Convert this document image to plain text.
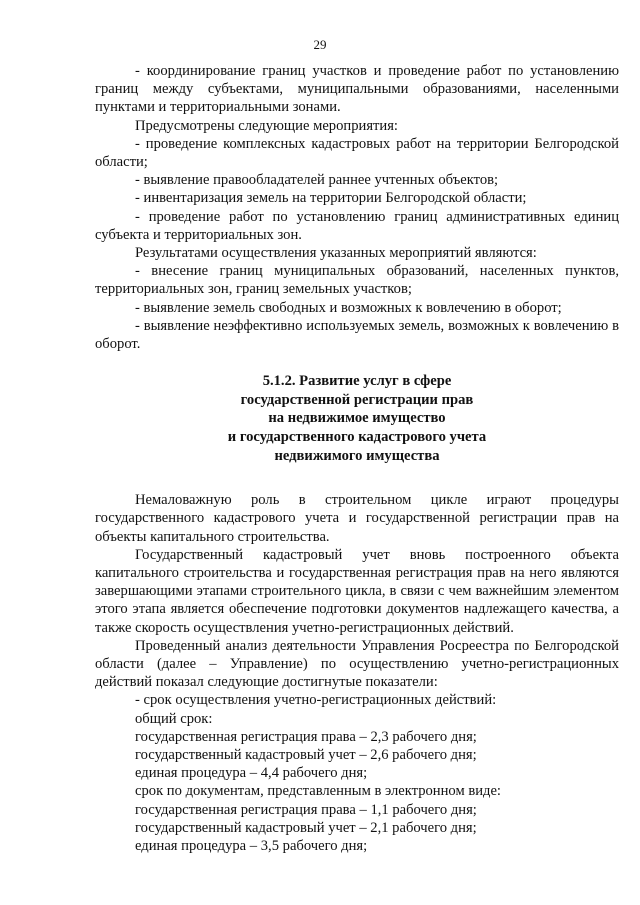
29

- координирование границ участков и проведение работ по установлению границ между субъектами, муниципальными образованиями, населенными пунктами и территориальными зонами.

Предусмотрены следующие мероприятия:

- проведение комплексных кадастровых работ на территории Белгородской области;

- выявление правообладателей раннее учтенных объектов;

- инвентаризация земель на территории Белгородской области;

- проведение работ по установлению границ административных единиц субъекта и территориальных зон.

Результатами осуществления указанных мероприятий являются:

- внесение границ муниципальных образований, населенных пунктов, территориальных зон, границ земельных участков;

- выявление земель свободных и возможных к вовлечению в оборот;

- выявление неэффективно используемых земель, возможных к вовлечению в оборот.

5.1.2. Развитие услуг в сфере
государственной регистрации прав
на недвижимое имущество
и государственного кадастрового учета
недвижимого имущества

Немаловажную роль в строительном цикле играют процедуры государственного кадастрового учета и государственной регистрации прав на объекты капитального строительства.

Государственный кадастровый учет вновь построенного объекта капитального строительства и государственная регистрация прав на него являются завершающими этапами строительного цикла, в связи с чем важнейшим элементом этого этапа является обеспечение подготовки документов надлежащего качества, а также скорость осуществления учетно-регистрационных действий.

Проведенный анализ деятельности Управления Росреестра по Белгородской области (далее – Управление) по осуществлению учетно-регистрационных действий показал следующие достигнутые показатели:

- срок осуществления учетно-регистрационных действий:

общий срок:

государственная регистрация права – 2,3 рабочего дня;

государственный кадастровый учет – 2,6 рабочего дня;

единая процедура – 4,4 рабочего дня;

срок по документам, представленным в электронном виде:

государственная регистрация права – 1,1 рабочего дня;

государственный кадастровый учет – 2,1 рабочего дня;

единая процедура – 3,5 рабочего дня;
